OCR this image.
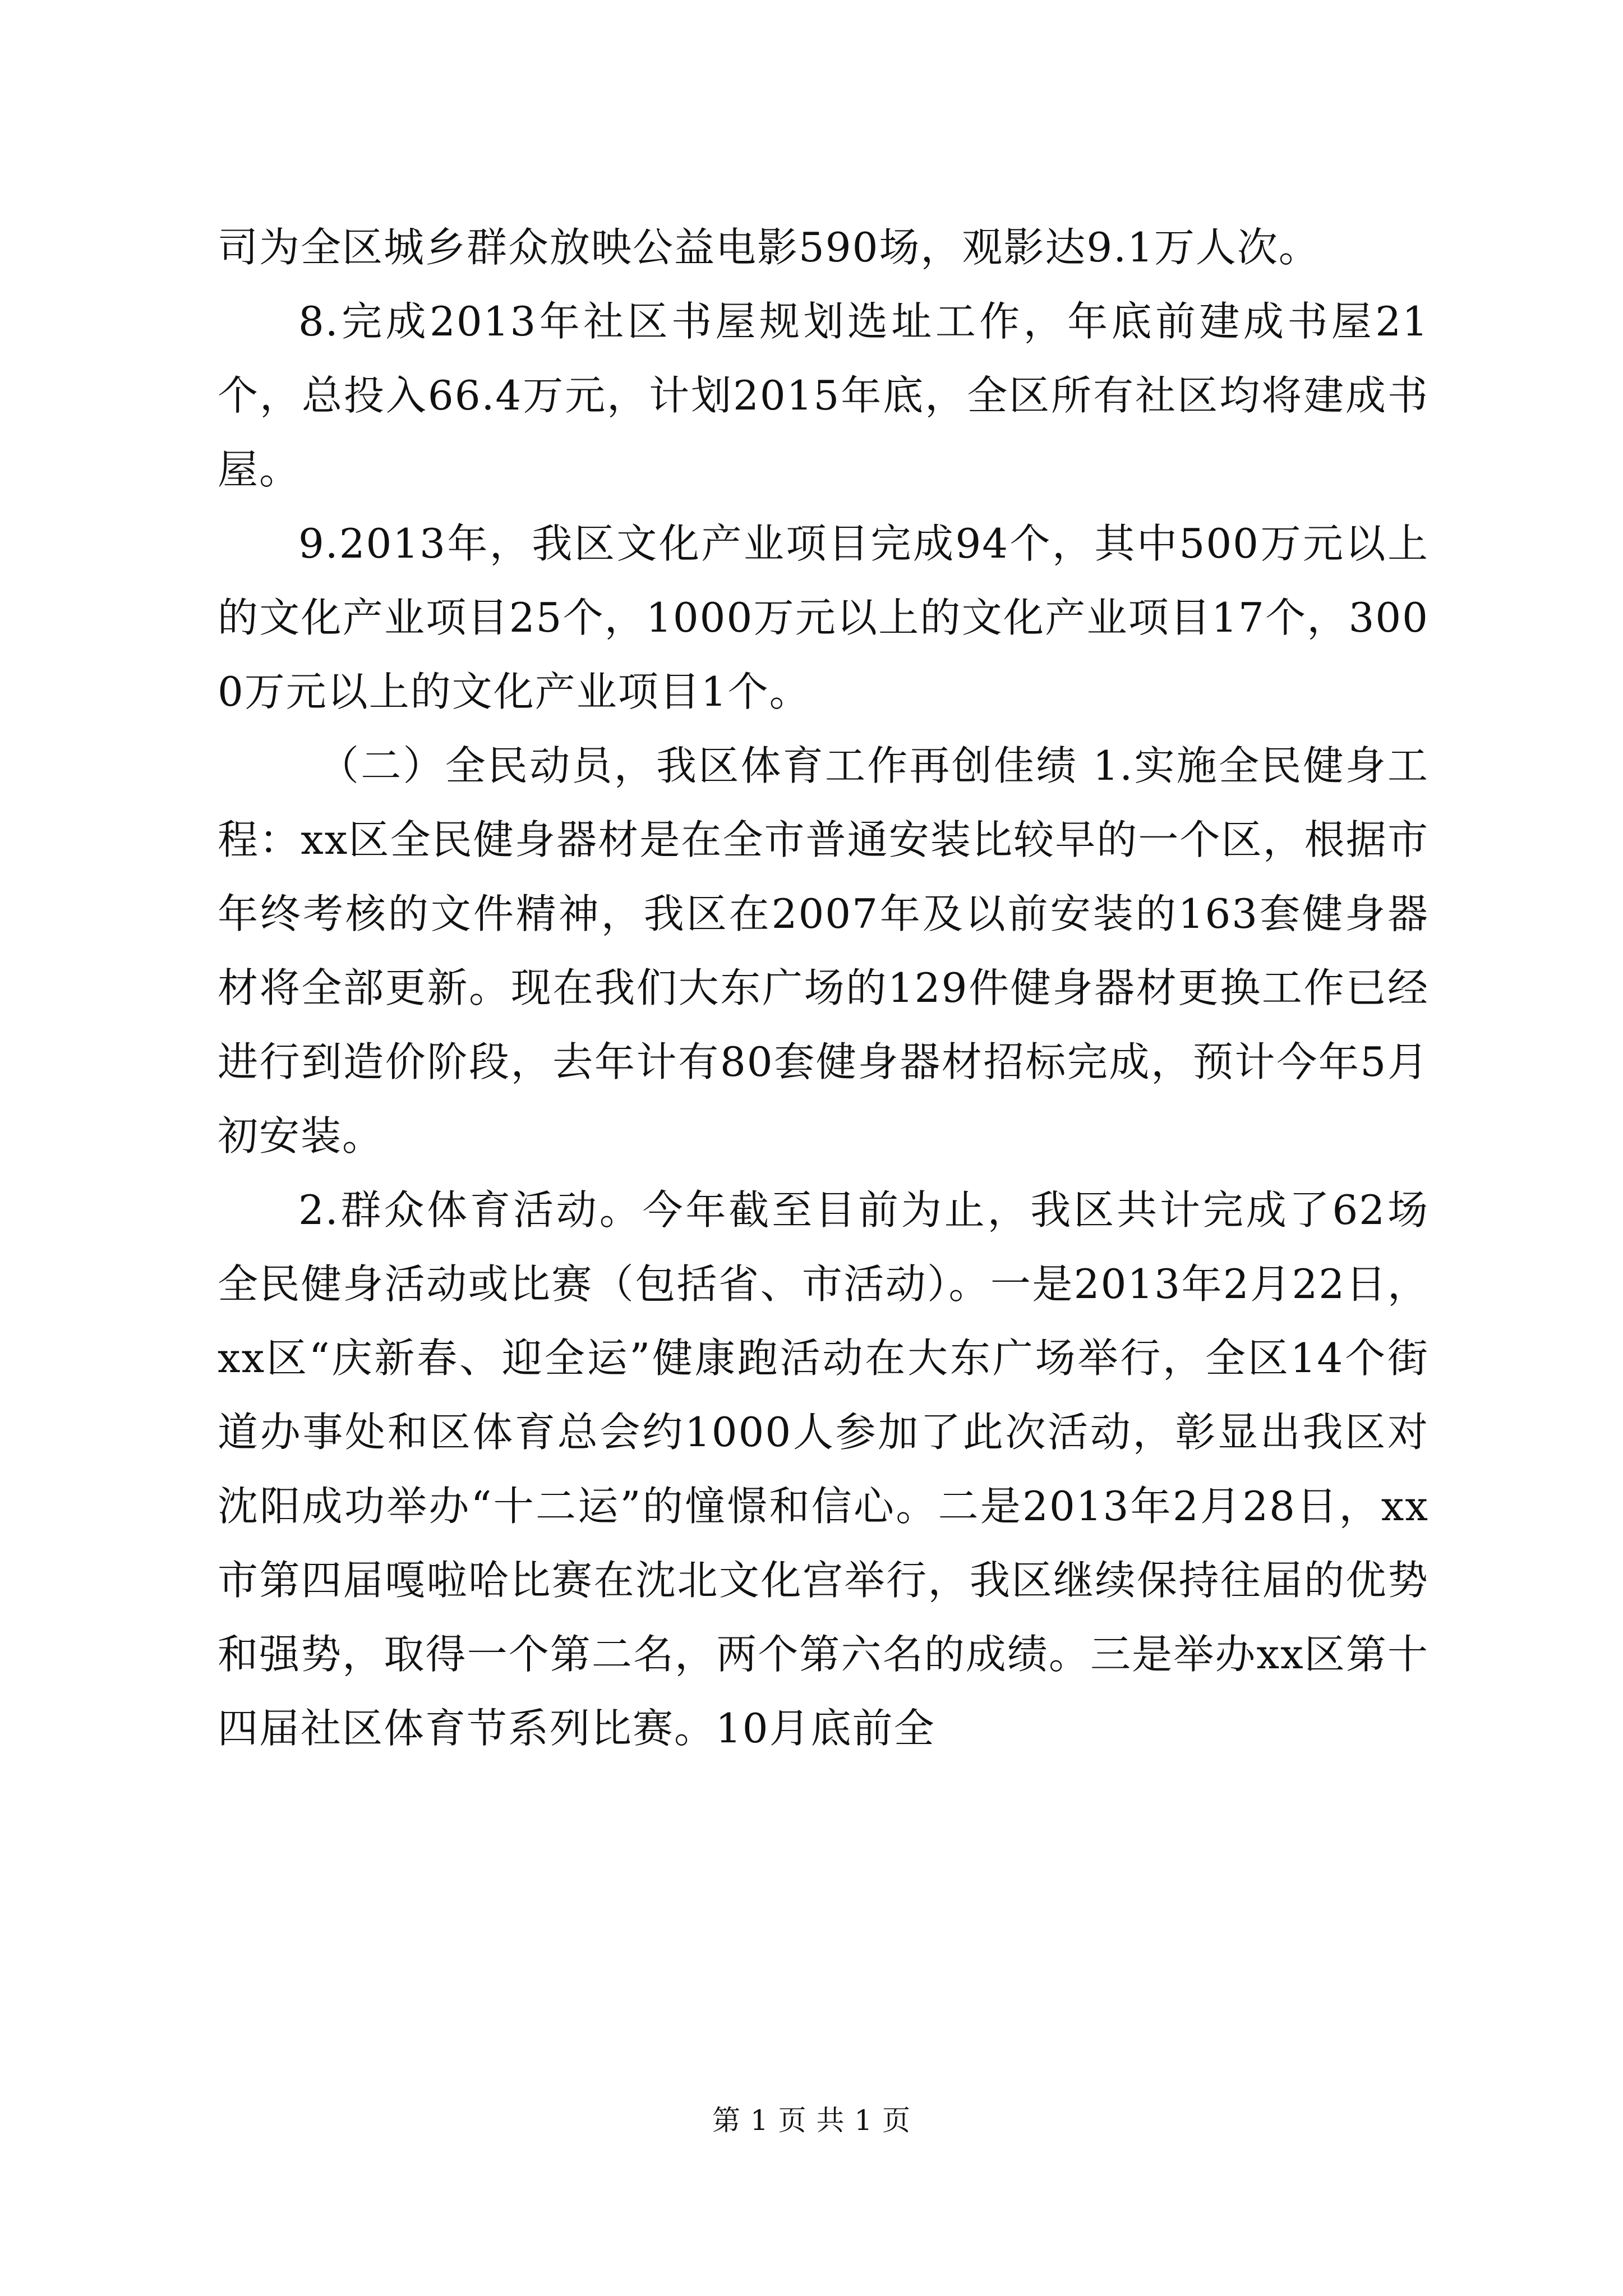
司为全区城乡群众放映公益电影590场，观影达9.1万人次。

8.完成2013年社区书屋规划选址工作，年底前建成书屋21个，总投入66.4万元，计划2015年底，全区所有社区均将建成书屋。

9.2013年，我区文化产业项目完成94个，其中500万元以上的文化产业项目25个，1000万元以上的文化产业项目17个，3000万元以上的文化产业项目1个。

（二）全民动员，我区体育工作再创佳绩 1.实施全民健身工程：xx区全民健身器材是在全市普通安装比较早的一个区，根据市年终考核的文件精神，我区在2007年及以前安装的163套健身器材将全部更新。现在我们大东广场的129件健身器材更换工作已经进行到造价阶段，去年计有80套健身器材招标完成，预计今年5月初安装。

2.群众体育活动。今年截至目前为止，我区共计完成了62场全民健身活动或比赛（包括省、市活动）。一是2013年2月22日，xx区“庆新春、迎全运”健康跑活动在大东广场举行，全区14个街道办事处和区体育总会约1000人参加了此次活动，彰显出我区对沈阳成功举办“十二运”的憧憬和信心。二是2013年2月28日，xx市第四届嘎啦哈比赛在沈北文化宫举行，我区继续保持往届的优势和强势，取得一个第二名，两个第六名的成绩。三是举办xx区第十四届社区体育节系列比赛。10月底前全

第 1 页 共 1 页
